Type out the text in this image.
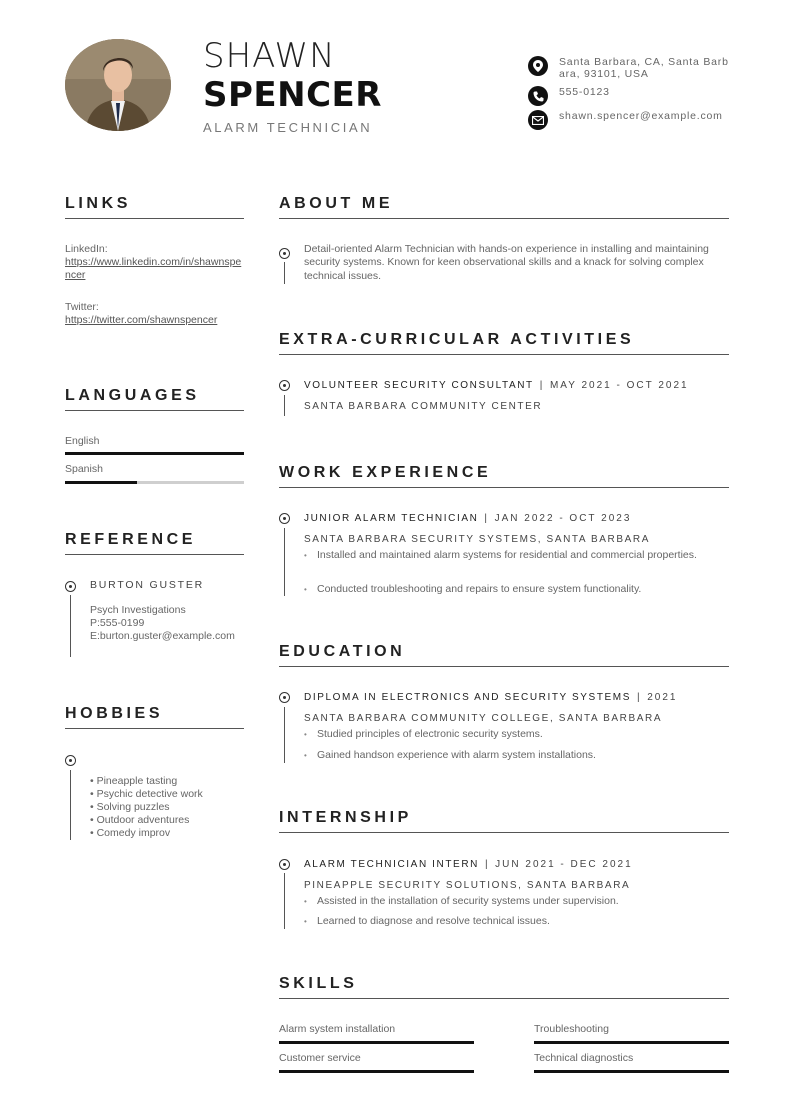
SHAWN
SPENCER
ALARM TECHNICIAN
Santa Barbara, CA, Santa Barbara, 93101, USA
555-0123
shawn.spencer@example.com
LINKS
LinkedIn:
https://www.linkedin.com/in/shawnspencer
Twitter:
https://twitter.com/shawnspencer
LANGUAGES
English
Spanish
REFERENCE
BURTON GUSTER
Psych Investigations
P:555-0199
E:burton.guster@example.com
HOBBIES
• Pineapple tasting
• Psychic detective work
• Solving puzzles
• Outdoor adventures
• Comedy improv
ABOUT ME
Detail-oriented Alarm Technician with hands-on experience in installing and maintaining security systems. Known for keen observational skills and a knack for solving complex technical issues.
EXTRA-CURRICULAR ACTIVITIES
VOLUNTEER SECURITY CONSULTANT | MAY 2021 - OCT 2021
SANTA BARBARA COMMUNITY CENTER
WORK EXPERIENCE
JUNIOR ALARM TECHNICIAN | JAN 2022 - OCT 2023
SANTA BARBARA SECURITY SYSTEMS, SANTA BARBARA
• Installed and maintained alarm systems for residential and commercial properties.
• Conducted troubleshooting and repairs to ensure system functionality.
EDUCATION
DIPLOMA IN ELECTRONICS AND SECURITY SYSTEMS | 2021
SANTA BARBARA COMMUNITY COLLEGE, SANTA BARBARA
• Studied principles of electronic security systems.
• Gained handson experience with alarm system installations.
INTERNSHIP
ALARM TECHNICIAN INTERN | JUN 2021 - DEC 2021
PINEAPPLE SECURITY SOLUTIONS, SANTA BARBARA
• Assisted in the installation of security systems under supervision.
• Learned to diagnose and resolve technical issues.
SKILLS
Alarm system installation	Troubleshooting
Customer service	Technical diagnostics
